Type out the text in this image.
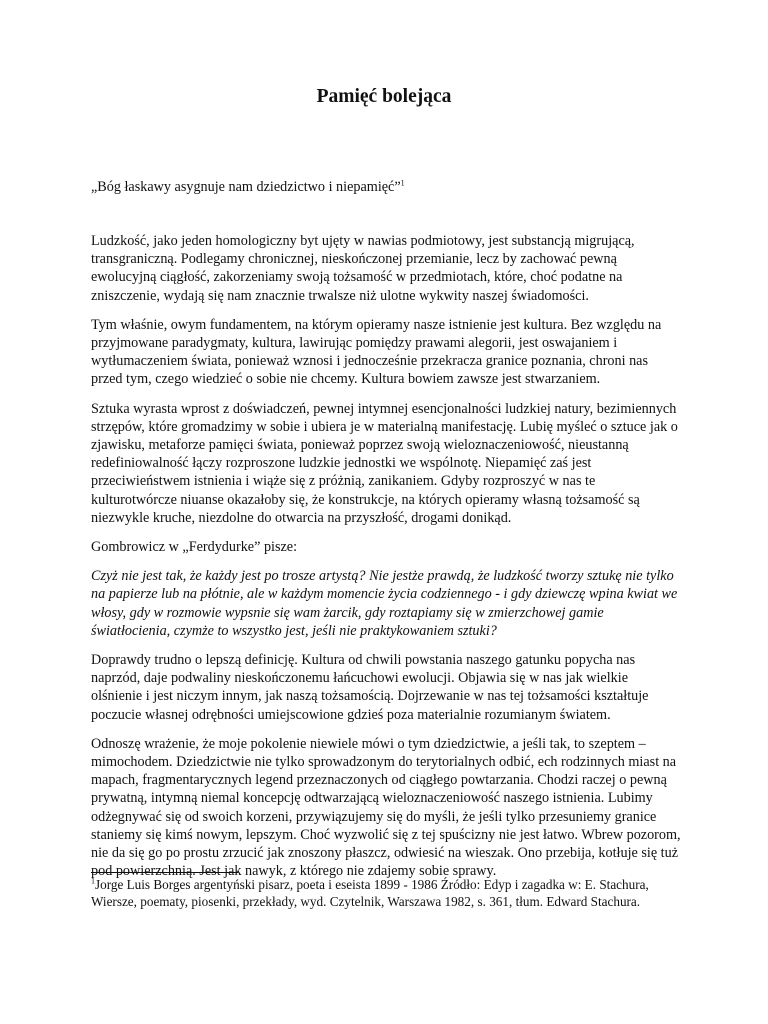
Pamięć bolejąca
„Bóg łaskawy asygnuje nam dziedzictwo i niepamięć”$^1$

Ludzkość, jako jeden homologiczny byt ujęty w nawias podmiotowy, jest substancją migrującą, transgraniczną. Podlegamy chronicznej, nieskończonej przemianie, lecz by zachować pewną ewolucyjną ciągłość, zakorzeniamy swoją tożsamość w przedmiotach, które, choć podatne na zniszczenie, wydają się nam znacznie trwalsze niż ulotne wykwity naszej świadomości.

Tym właśnie, owym fundamentem, na którym opieramy nasze istnienie jest kultura. Bez względu na przyjmowane paradygmaty, kultura, lawirując pomiędzy prawami alegorii, jest oswajaniem i wytłumaczeniem świata, ponieważ wznosi i jednocześnie przekracza granice poznania, chroni nas przed tym, czego wiedzieć o sobie nie chcemy. Kultura bowiem zawsze jest stwarzaniem.

Sztuka wyrasta wprost z doświadczeń, pewnej intymnej esencjonalności ludzkiej natury, bezimiennych strzępów, które gromadzimy w sobie i ubiera je w materialną manifestację. Lubię myśleć o sztuce jak o zjawisku, metaforze pamięci świata, ponieważ poprzez swoją wieloznaczeniowość, nieustanną redefiniowalność łączy rozproszone ludzkie jednostki we wspólnotę. Niepamięć zaś jest przeciwieństwem istnienia i wiąże się z próżnią, zanikaniem. Gdyby rozproszyć w nas te kulturotwórcze niuanse okazałoby się, że konstrukcje, na których opieramy własną tożsamość są niezwykle kruche, niezdolne do otwarcia na przyszłość, drogami donikąd.

Gombrowicz w „Ferdydurke” pisze:

Czyż nie jest tak, że każdy jest po trosze artystą? Nie jestże prawdą, że ludzkość tworzy sztukę nie tylko na papierze lub na płótnie, ale w każdym momencie życia codziennego - i gdy dziewczę wpina kwiat we włosy, gdy w rozmowie wypsnie się wam żarcik, gdy roztapiamy się w zmierzchowej gamie światłocienia, czymże to wszystko jest, jeśli nie praktykowaniem sztuki?

Doprawdy trudno o lepszą definicję. Kultura od chwili powstania naszego gatunku popycha nas naprzód, daje podwaliny nieskończonemu łańcuchowi ewolucji. Objawia się w nas jak wielkie olśnienie i jest niczym innym, jak naszą tożsamością. Dojrzewanie w nas tej tożsamości kształtuje poczucie własnej odrębności umiejscowione gdzieś poza materialnie rozumianym światem.

Odnoszę wrażenie, że moje pokolenie niewiele mówi o tym dziedzictwie, a jeśli tak, to szeptem – mimochodem. Dziedzictwie nie tylko sprowadzonym do terytorialnych odbić, ech rodzinnych miast na mapach, fragmentarycznych legend przeznaczonych od ciągłego powtarzania. Chodzi raczej o pewną prywatną, intymną niemal koncepcję odtwarzającą wieloznaczeniowość naszego istnienia. Lubimy odżegnywać się od swoich korzeni, przywiązujemy się do myśli, że jeśli tylko przesuniemy granice staniemy się kimś nowym, lepszym. Choć wyzwolić się z tej spuścizny nie jest łatwo. Wbrew pozorom, nie da się go po prostu zrzucić jak znoszony płaszcz, odwiesić na wieszak. Ono przebija, kotłuje się tuż pod powierzchnią. Jest jak nawyk, z którego nie zdajemy sobie sprawy.

$^1$Jorge Luis Borges argentyński pisarz, poeta i eseista 1899 - 1986 Źródło: Edyp i zagadka w: E. Stachura, Wiersze, poematy, piosenki, przekłady, wyd. Czytelnik, Warszawa 1982, s. 361, tłum. Edward Stachura.
